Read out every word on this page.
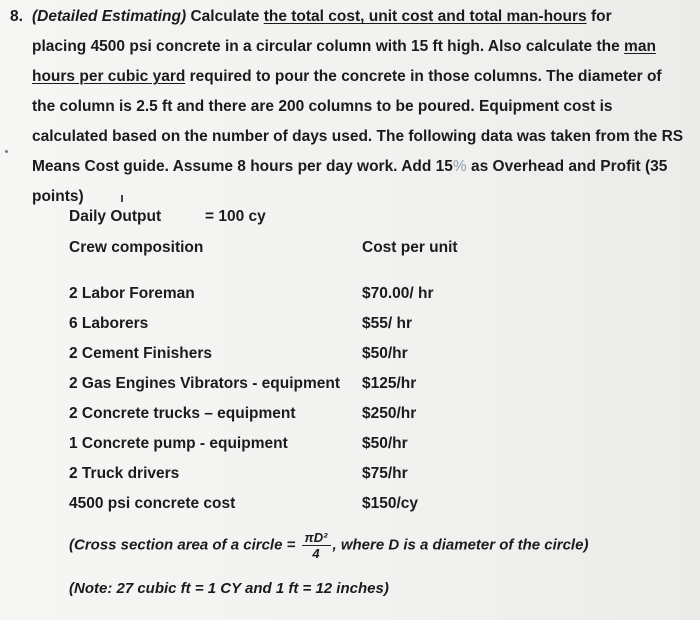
8. (Detailed Estimating) Calculate the total cost, unit cost and total man-hours for
placing 4500 psi concrete in a circular column with 15 ft high. Also calculate the man
hours per cubic yard required to pour the concrete in those columns. The diameter of
the column is 2.5 ft and there are 200 columns to be poured. Equipment cost is
calculated based on the number of days used. The following data was taken from the RS
Means Cost guide. Assume 8 hours per day work. Add 15% as Overhead and Profit (35
points)
Daily Output	= 100 cy
Crew composition	Cost per unit
2 Labor Foreman	$70.00/ hr
6 Laborers	$55/ hr
2 Cement Finishers	$50/hr
2 Gas Engines Vibrators - equipment $125/hr
2 Concrete trucks – equipment	$250/hr
1 Concrete pump - equipment	$50/hr
2 Truck drivers	$75/hr
4500 psi concrete cost	$150/cy
(Cross section area of a circle = $\frac{\text{πD²}}{4}$ , where D is a diameter of the circle)
(Note: 27 cubic ft = 1 CY and 1 ft = 12 inches)
